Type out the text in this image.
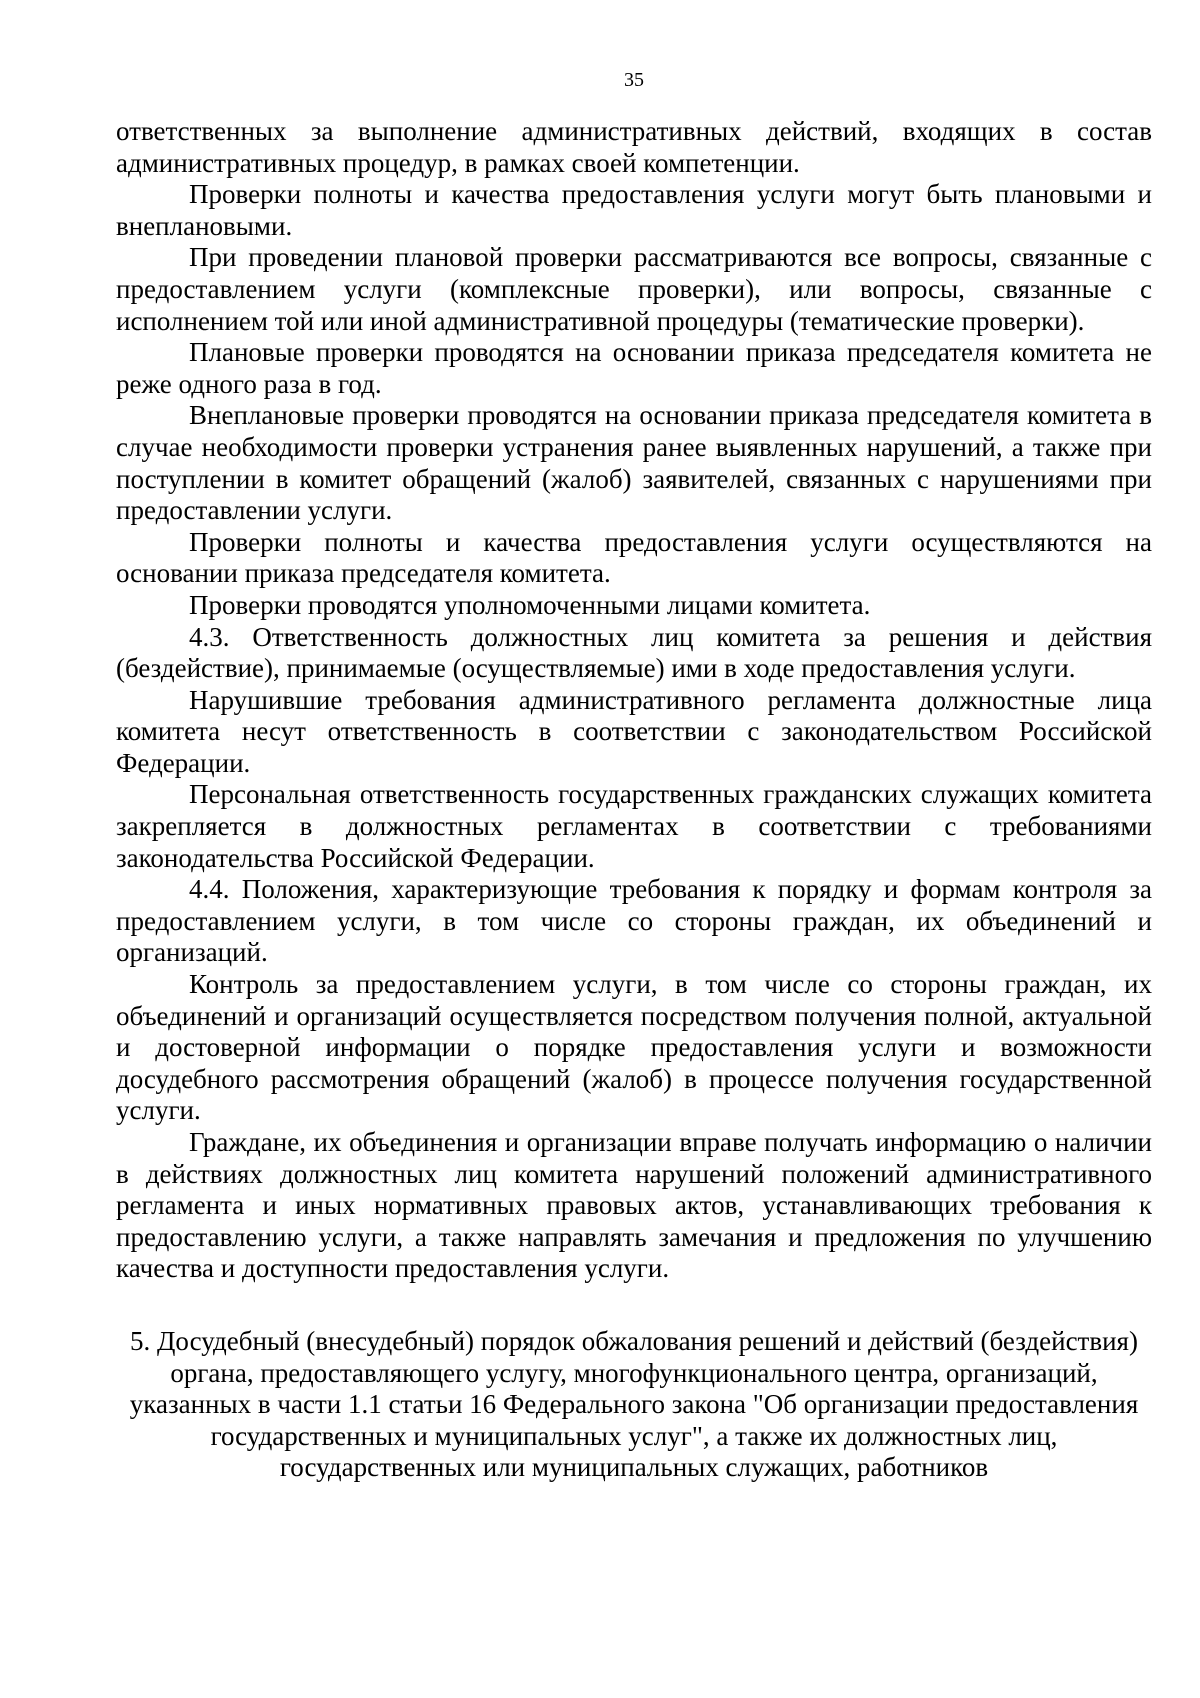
35

ответственных за выполнение административных действий, входящих в состав административных процедур, в рамках своей компетенции.

Проверки полноты и качества предоставления услуги могут быть плановыми и внеплановыми.

При проведении плановой проверки рассматриваются все вопросы, связанные с предоставлением услуги (комплексные проверки), или вопросы, связанные с исполнением той или иной административной процедуры (тематические проверки).

Плановые проверки проводятся на основании приказа председателя комитета не реже одного раза в год.

Внеплановые проверки проводятся на основании приказа председателя комитета в случае необходимости проверки устранения ранее выявленных нарушений, а также при поступлении в комитет обращений (жалоб) заявителей, связанных с нарушениями при предоставлении услуги.

Проверки полноты и качества предоставления услуги осуществляются на основании приказа председателя комитета.

Проверки проводятся уполномоченными лицами комитета.

4.3. Ответственность должностных лиц комитета за решения и действия (бездействие), принимаемые (осуществляемые) ими в ходе предоставления услуги.

Нарушившие требования административного регламента должностные лица комитета несут ответственность в соответствии с законодательством Российской Федерации.

Персональная ответственность государственных гражданских служащих комитета закрепляется в должностных регламентах в соответствии с требованиями законодательства Российской Федерации.

4.4. Положения, характеризующие требования к порядку и формам контроля за предоставлением услуги, в том числе со стороны граждан, их объединений и организаций.

Контроль за предоставлением услуги, в том числе со стороны граждан, их объединений и организаций осуществляется посредством получения полной, актуальной и достоверной информации о порядке предоставления услуги и возможности досудебного рассмотрения обращений (жалоб) в процессе получения государственной услуги.

Граждане, их объединения и организации вправе получать информацию о наличии в действиях должностных лиц комитета нарушений положений административного регламента и иных нормативных правовых актов, устанавливающих требования к предоставлению услуги, а также направлять замечания и предложения по улучшению качества и доступности предоставления услуги.

5. Досудебный (внесудебный) порядок обжалования решений и действий (бездействия) органа, предоставляющего услугу, многофункционального центра, организаций, указанных в части 1.1 статьи 16 Федерального закона "Об организации предоставления государственных и муниципальных услуг", а также их должностных лиц, государственных или муниципальных служащих, работников
